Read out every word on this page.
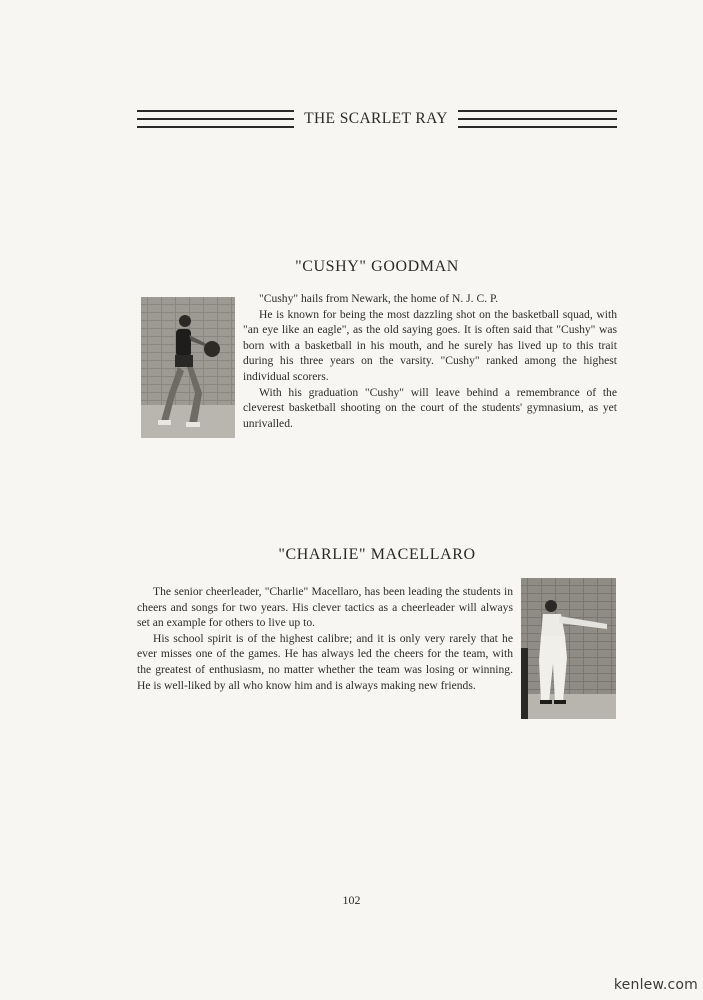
THE SCARLET RAY
"CUSHY" GOODMAN

"Cushy" hails from Newark, the home of N. J. C. P.

He is known for being the most dazzling shot on the basketball squad, with "an eye like an eagle", as the old saying goes. It is often said that "Cushy" was born with a basketball in his mouth, and he surely has lived up to this trait during his three years on the varsity. "Cushy" ranked among the highest individual scorers.

With his graduation "Cushy" will leave behind a remembrance of the cleverest basketball shooting on the court of the students' gymnasium, as yet unrivalled.

"CHARLIE" MACELLARO

The senior cheerleader, "Charlie" Macellaro, has been leading the students in cheers and songs for two years. His clever tactics as a cheerleader will always set an example for others to live up to.

His school spirit is of the highest calibre; and it is only very rarely that he ever misses one of the games. He has always led the cheers for the team, with the greatest of enthusiasm, no matter whether the team was losing or winning. He is well-liked by all who know him and is always making new friends.

102
kenlew.com
